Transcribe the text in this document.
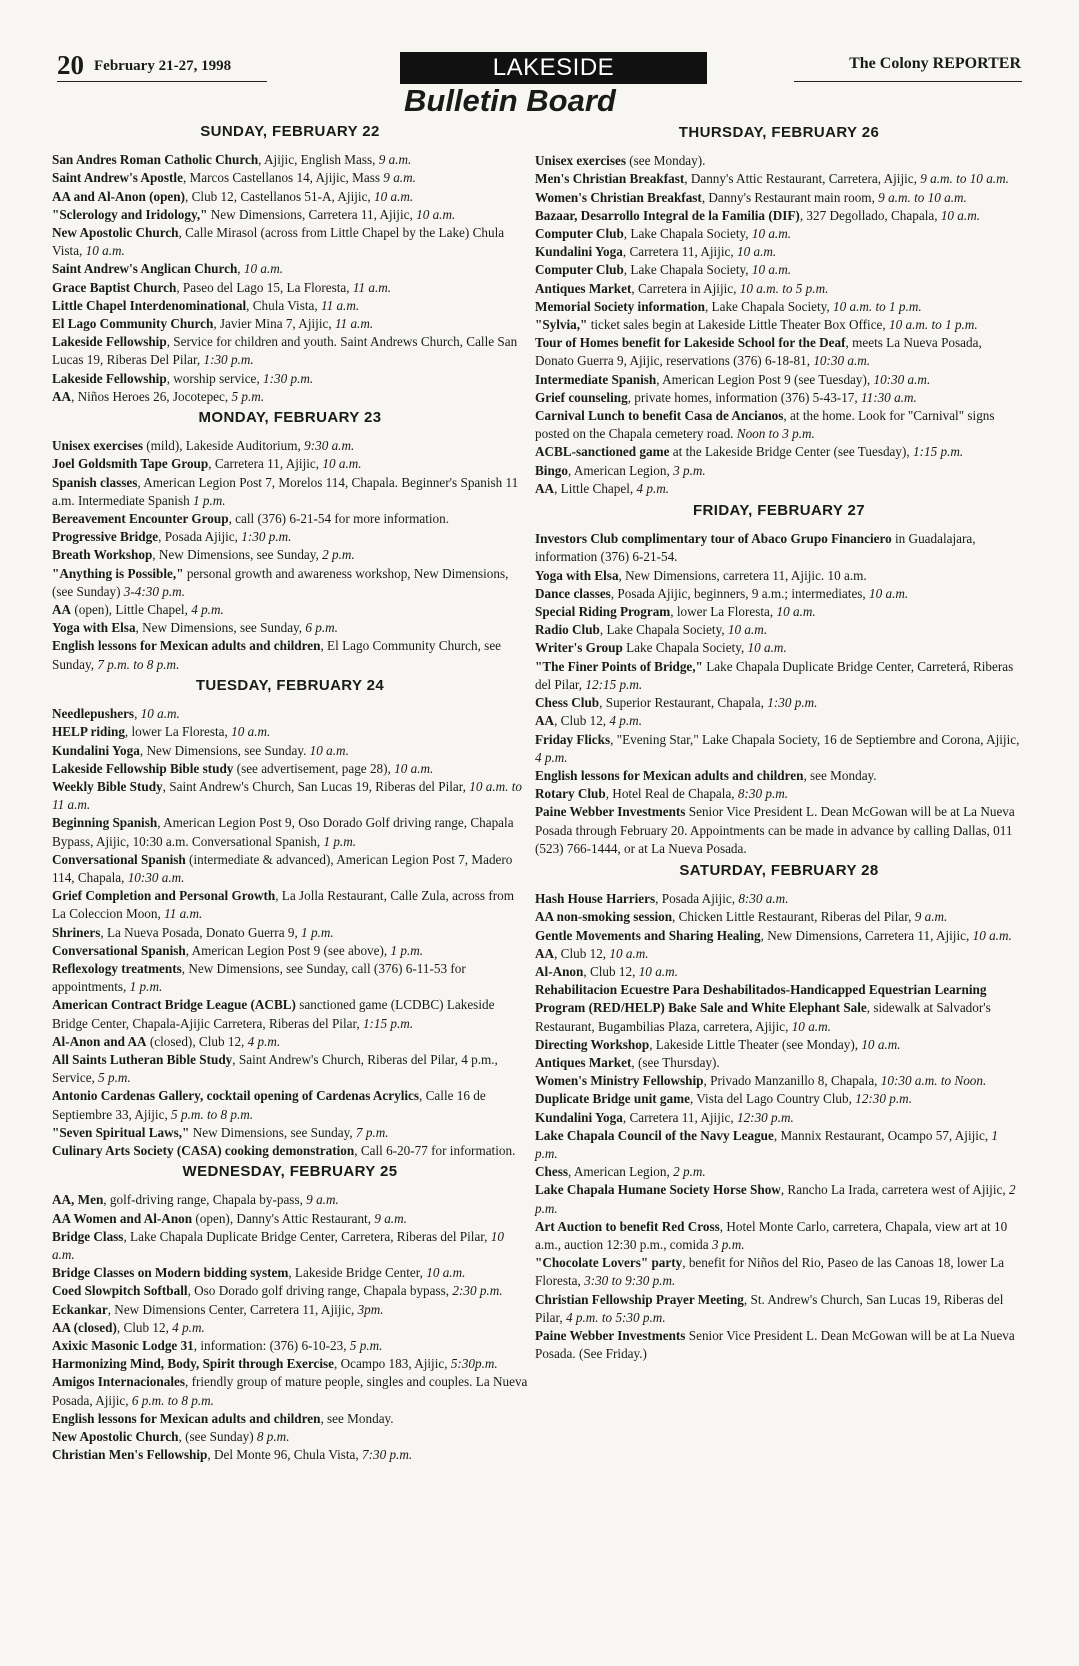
20 February 21-27, 1998	LAKESIDE
Bulletin Board
The Colony REPORTER
SUNDAY, FEBRUARY 22

San Andres Roman Catholic Church, Ajijic, English Mass, 9 a.m.

Saint Andrew's Apostle, Marcos Castellanos 14, Ajijic, Mass 9 a.m.

AA and Al-Anon (open), Club 12, Castellanos 51-A, Ajijic, 10 a.m.

"Sclerology and Iridology," New Dimensions, Carretera 11, Ajijic, 10 a.m.

New Apostolic Church, Calle Mirasol (across from Little Chapel by the Lake) Chula Vista, 10 a.m.

Saint Andrew's Anglican Church, 10 a.m.

Grace Baptist Church, Paseo del Lago 15, La Floresta, 11 a.m.

Little Chapel Interdenominational, Chula Vista, 11 a.m.

El Lago Community Church, Javier Mina 7, Ajijic, 11 a.m.

Lakeside Fellowship, Service for children and youth. Saint Andrews Church, Calle San Lucas 19, Riberas Del Pilar, 1:30 p.m.

Lakeside Fellowship, worship service, 1:30 p.m.

AA, Niños Heroes 26, Jocotepec, 5 p.m.

MONDAY, FEBRUARY 23

Unisex exercises (mild), Lakeside Auditorium, 9:30 a.m.

Joel Goldsmith Tape Group, Carretera 11, Ajijic, 10 a.m.

Spanish classes, American Legion Post 7, Morelos 114, Chapala. Beginner's Spanish 11 a.m. Intermediate Spanish 1 p.m.

Bereavement Encounter Group, call (376) 6-21-54 for more information.

Progressive Bridge, Posada Ajijic, 1:30 p.m.

Breath Workshop, New Dimensions, see Sunday, 2 p.m.

"Anything is Possible," personal growth and awareness workshop, New Dimensions, (see Sunday) 3-4:30 p.m.

AA (open), Little Chapel, 4 p.m.

Yoga with Elsa, New Dimensions, see Sunday, 6 p.m.

English lessons for Mexican adults and children, El Lago Community Church, see Sunday, 7 p.m. to 8 p.m.

TUESDAY, FEBRUARY 24

Needlepushers, 10 a.m.

HELP riding, lower La Floresta, 10 a.m.

Kundalini Yoga, New Dimensions, see Sunday. 10 a.m.

Lakeside Fellowship Bible study (see advertisement, page 28), 10 a.m.

Weekly Bible Study, Saint Andrew's Church, San Lucas 19, Riberas del Pilar, 10 a.m. to 11 a.m.

Beginning Spanish, American Legion Post 9, Oso Dorado Golf driving range, Chapala Bypass, Ajijic, 10:30 a.m. Conversational Spanish, 1 p.m.

Conversational Spanish (intermediate & advanced), American Legion Post 7, Madero 114, Chapala, 10:30 a.m.

Grief Completion and Personal Growth, La Jolla Restaurant, Calle Zula, across from La Coleccion Moon, 11 a.m.

Shriners, La Nueva Posada, Donato Guerra 9, 1 p.m.

Conversational Spanish, American Legion Post 9 (see above), 1 p.m.

Reflexology treatments, New Dimensions, see Sunday, call (376) 6-11-53 for appointments, 1 p.m.

American Contract Bridge League (ACBL) sanctioned game (LCDBC) Lakeside Bridge Center, Chapala-Ajijic Carretera, Riberas del Pilar, 1:15 p.m.

Al-Anon and AA (closed), Club 12, 4 p.m.

All Saints Lutheran Bible Study, Saint Andrew's Church, Riberas del Pilar, 4 p.m., Service, 5 p.m.

Antonio Cardenas Gallery, cocktail opening of Cardenas Acrylics, Calle 16 de Septiembre 33, Ajijic, 5 p.m. to 8 p.m.

"Seven Spiritual Laws," New Dimensions, see Sunday, 7 p.m.

Culinary Arts Society (CASA) cooking demonstration, Call 6-20-77 for information.

WEDNESDAY, FEBRUARY 25

AA, Men, golf-driving range, Chapala by-pass, 9 a.m.

AA Women and Al-Anon (open), Danny's Attic Restaurant, 9 a.m.

Bridge Class, Lake Chapala Duplicate Bridge Center, Carretera, Riberas del Pilar, 10 a.m.

Bridge Classes on Modern bidding system, Lakeside Bridge Center, 10 a.m.

Coed Slowpitch Softball, Oso Dorado golf driving range, Chapala bypass, 2:30 p.m.

Eckankar, New Dimensions Center, Carretera 11, Ajijic, 3pm.

AA (closed), Club 12, 4 p.m.

Axixic Masonic Lodge 31, information: (376) 6-10-23, 5 p.m.

Harmonizing Mind, Body, Spirit through Exercise, Ocampo 183, Ajijic, 5:30p.m.

Amigos Internacionales, friendly group of mature people, singles and couples. La Nueva Posada, Ajijic, 6 p.m. to 8 p.m.

English lessons for Mexican adults and children, see Monday.

New Apostolic Church, (see Sunday) 8 p.m.

Christian Men's Fellowship, Del Monte 96, Chula Vista, 7:30 p.m.

THURSDAY, FEBRUARY 26

Unisex exercises (see Monday).

Men's Christian Breakfast, Danny's Attic Restaurant, Carretera, Ajijic, 9 a.m. to 10 a.m.

Women's Christian Breakfast, Danny's Restaurant main room, 9 a.m. to 10 a.m.

Bazaar, Desarrollo Integral de la Familia (DIF), 327 Degollado, Chapala, 10 a.m.

Computer Club, Lake Chapala Society, 10 a.m.

Kundalini Yoga, Carretera 11, Ajijic, 10 a.m.

Computer Club, Lake Chapala Society, 10 a.m.

Antiques Market, Carretera in Ajijic, 10 a.m. to 5 p.m.

Memorial Society information, Lake Chapala Society, 10 a.m. to 1 p.m.

"Sylvia," ticket sales begin at Lakeside Little Theater Box Office, 10 a.m. to 1 p.m.

Tour of Homes benefit for Lakeside School for the Deaf, meets La Nueva Posada, Donato Guerra 9, Ajijic, reservations (376) 6-18-81, 10:30 a.m.

Intermediate Spanish, American Legion Post 9 (see Tuesday), 10:30 a.m.

Grief counseling, private homes, information (376) 5-43-17, 11:30 a.m.

Carnival Lunch to benefit Casa de Ancianos, at the home. Look for "Carnival" signs posted on the Chapala cemetery road. Noon to 3 p.m.

ACBL-sanctioned game at the Lakeside Bridge Center (see Tuesday), 1:15 p.m.

Bingo, American Legion, 3 p.m.

AA, Little Chapel, 4 p.m.

FRIDAY, FEBRUARY 27

Investors Club complimentary tour of Abaco Grupo Financiero in Guadalajara, information (376) 6-21-54.

Yoga with Elsa, New Dimensions, carretera 11, Ajijic. 10 a.m.

Dance classes, Posada Ajijic, beginners, 9 a.m.; intermediates, 10 a.m.

Special Riding Program, lower La Floresta, 10 a.m.

Radio Club, Lake Chapala Society, 10 a.m.

Writer's Group Lake Chapala Society, 10 a.m.

"The Finer Points of Bridge," Lake Chapala Duplicate Bridge Center, Carreterá, Riberas del Pilar, 12:15 p.m.

Chess Club, Superior Restaurant, Chapala, 1:30 p.m.

AA, Club 12, 4 p.m.

Friday Flicks, "Evening Star," Lake Chapala Society, 16 de Septiembre and Corona, Ajijic, 4 p.m.

English lessons for Mexican adults and children, see Monday.

Rotary Club, Hotel Real de Chapala, 8:30 p.m.

Paine Webber Investments Senior Vice President L. Dean McGowan will be at La Nueva Posada through February 20. Appointments can be made in advance by calling Dallas, 011 (523) 766-1444, or at La Nueva Posada.

SATURDAY, FEBRUARY 28

Hash House Harriers, Posada Ajijic, 8:30 a.m.

AA non-smoking session, Chicken Little Restaurant, Riberas del Pilar, 9 a.m.

Gentle Movements and Sharing Healing, New Dimensions, Carretera 11, Ajijic, 10 a.m.

AA, Club 12, 10 a.m.

Al-Anon, Club 12, 10 a.m.

Rehabilitacion Ecuestre Para Deshabilitados-Handicapped Equestrian Learning Program (RED/HELP) Bake Sale and White Elephant Sale, sidewalk at Salvador's Restaurant, Bugambilias Plaza, carretera, Ajijic, 10 a.m.

Directing Workshop, Lakeside Little Theater (see Monday), 10 a.m.

Antiques Market, (see Thursday).

Women's Ministry Fellowship, Privado Manzanillo 8, Chapala, 10:30 a.m. to Noon.

Duplicate Bridge unit game, Vista del Lago Country Club, 12:30 p.m.

Kundalini Yoga, Carretera 11, Ajijic, 12:30 p.m.

Lake Chapala Council of the Navy League, Mannix Restaurant, Ocampo 57, Ajijic, 1 p.m.

Chess, American Legion, 2 p.m.

Lake Chapala Humane Society Horse Show, Rancho La Irada, carretera west of Ajijic, 2 p.m.

Art Auction to benefit Red Cross, Hotel Monte Carlo, carretera, Chapala, view art at 10 a.m., auction 12:30 p.m., comida 3 p.m.

"Chocolate Lovers" party, benefit for Niños del Rio, Paseo de las Canoas 18, lower La Floresta, 3:30 to 9:30 p.m.

Christian Fellowship Prayer Meeting, St. Andrew's Church, San Lucas 19, Riberas del Pilar, 4 p.m. to 5:30 p.m.

Paine Webber Investments Senior Vice President L. Dean McGowan will be at La Nueva Posada. (See Friday.)
